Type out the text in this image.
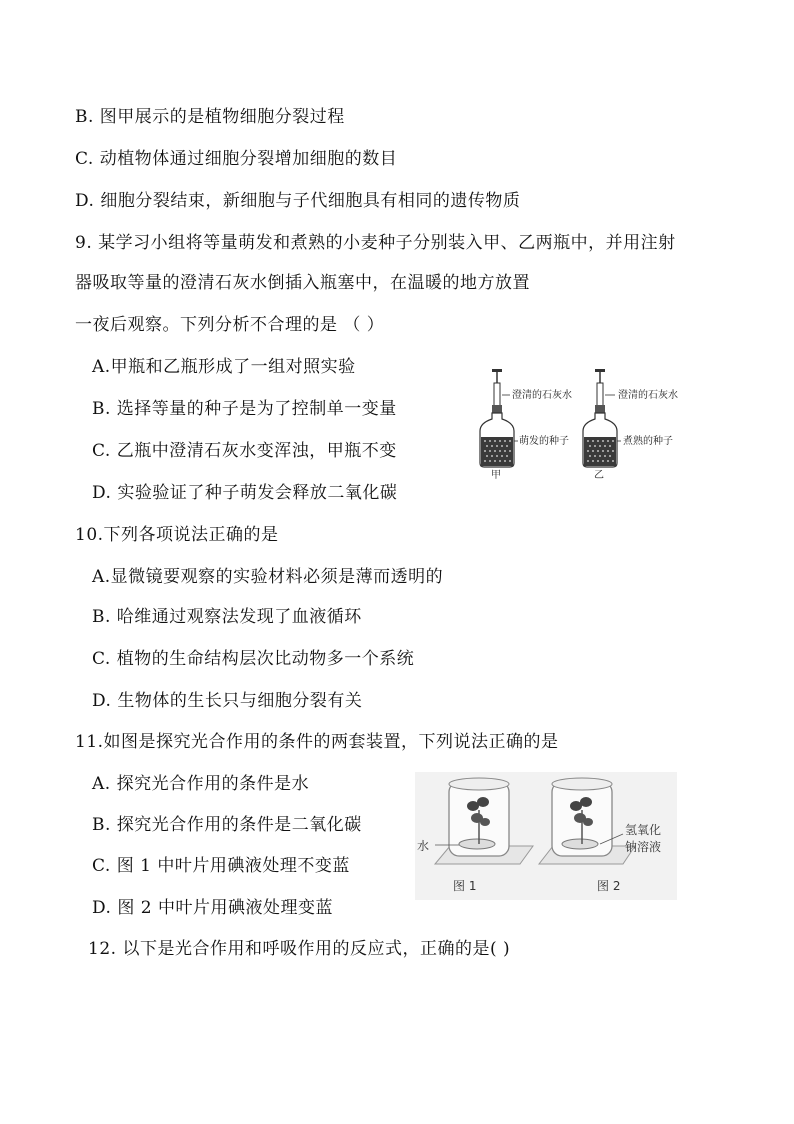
B. 图甲展示的是植物细胞分裂过程
C. 动植物体通过细胞分裂增加细胞的数目
D. 细胞分裂结束，新细胞与子代细胞具有相同的遗传物质
9. 某学习小组将等量萌发和煮熟的小麦种子分别装入甲、乙两瓶中，并用注射
器吸取等量的澄清石灰水倒插入瓶塞中，在温暖的地方放置
一夜后观察。下列分析不合理的是 （ ）
A.甲瓶和乙瓶形成了一组对照实验
B. 选择等量的种子是为了控制单一变量
C. 乙瓶中澄清石灰水变浑浊，甲瓶不变
D. 实验验证了种子萌发会释放二氧化碳
澄清的石灰水
萌发的种子
甲
澄清的石灰水
煮熟的种子
乙
10.下列各项说法正确的是
A.显微镜要观察的实验材料必须是薄而透明的
B. 哈维通过观察法发现了血液循环
C. 植物的生命结构层次比动物多一个系统
D. 生物体的生长只与细胞分裂有关
11.如图是探究光合作用的条件的两套装置，下列说法正确的是
A. 探究光合作用的条件是水
B. 探究光合作用的条件是二氧化碳
C. 图 1 中叶片用碘液处理不变蓝
D. 图 2 中叶片用碘液处理变蓝
水
图 1
氢氧化
钠溶液
图 2
12. 以下是光合作用和呼吸作用的反应式，正确的是( )
